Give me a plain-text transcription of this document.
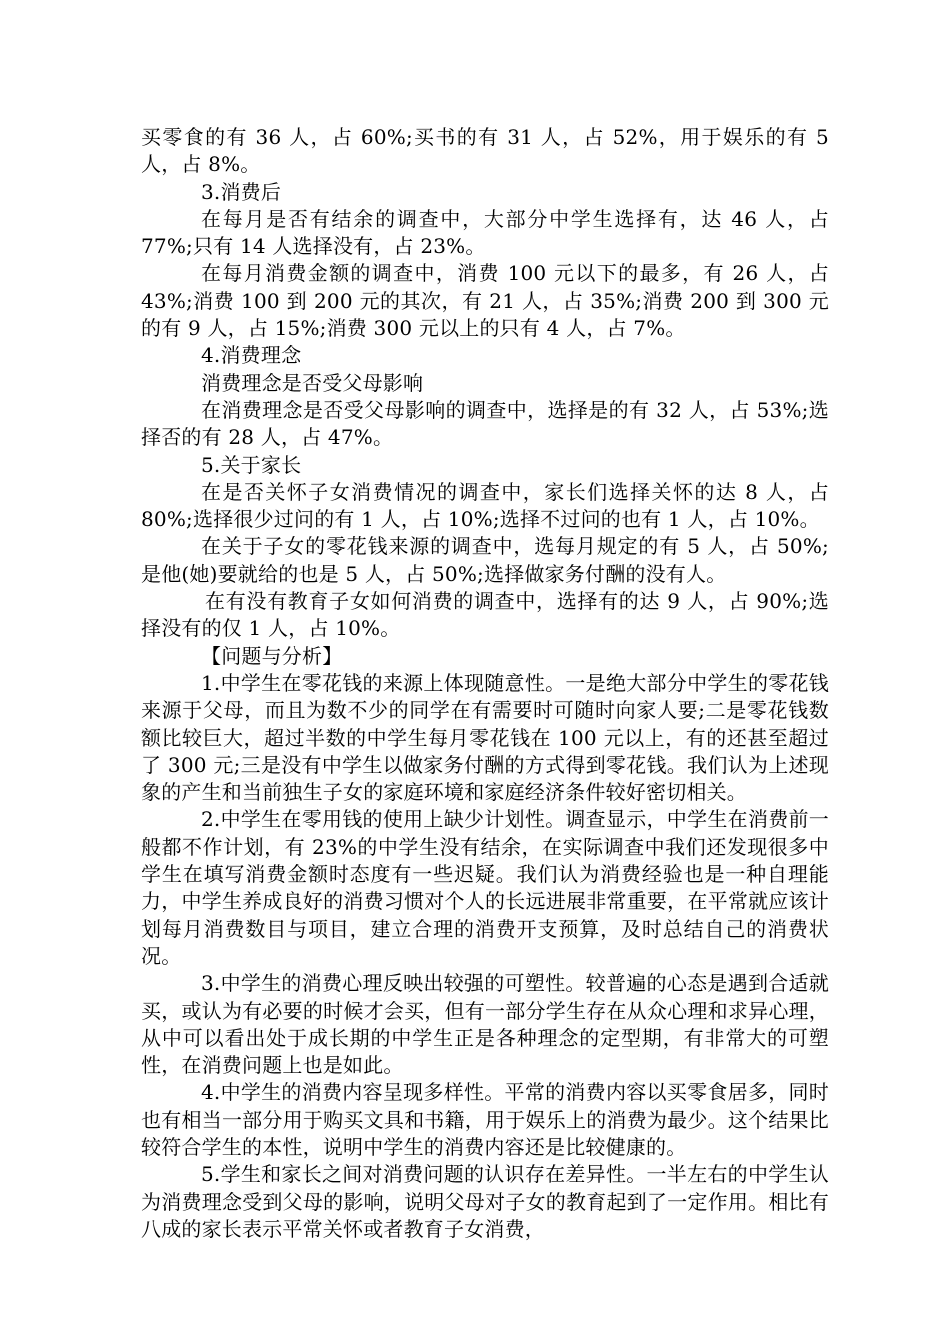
买零食的有 36 人，占 60%;买书的有 31 人，占 52%，用于娱乐的有 5 人，占 8%。

3.消费后

在每月是否有结余的调查中，大部分中学生选择有，达 46 人，占 77%;只有 14 人选择没有，占 23%。

在每月消费金额的调查中，消费 100 元以下的最多，有 26 人，占 43%;消费 100 到 200 元的其次，有 21 人，占 35%;消费 200 到 300 元的有 9 人，占 15%;消费 300 元以上的只有 4 人，占 7%。

4.消费理念

消费理念是否受父母影响

在消费理念是否受父母影响的调查中，选择是的有 32 人，占 53%;选择否的有 28 人，占 47%。

5.关于家长

在是否关怀子女消费情况的调查中，家长们选择关怀的达 8 人，占 80%;选择很少过问的有 1 人，占 10%;选择不过问的也有 1 人，占 10%。

在关于子女的零花钱来源的调查中，选每月规定的有 5 人，占 50%;是他(她)要就给的也是 5 人，占 50%;选择做家务付酬的没有人。

在有没有教育子女如何消费的调查中，选择有的达 9 人，占 90%;选择没有的仅 1 人，占 10%。

【问题与分析】

1.中学生在零花钱的来源上体现随意性。一是绝大部分中学生的零花钱来源于父母，而且为数不少的同学在有需要时可随时向家人要;二是零花钱数额比较巨大，超过半数的中学生每月零花钱在 100 元以上，有的还甚至超过了 300 元;三是没有中学生以做家务付酬的方式得到零花钱。我们认为上述现象的产生和当前独生子女的家庭环境和家庭经济条件较好密切相关。

2.中学生在零用钱的使用上缺少计划性。调查显示，中学生在消费前一般都不作计划，有 23%的中学生没有结余，在实际调查中我们还发现很多中学生在填写消费金额时态度有一些迟疑。我们认为消费经验也是一种自理能力，中学生养成良好的消费习惯对个人的长远进展非常重要，在平常就应该计划每月消费数目与项目，建立合理的消费开支预算，及时总结自己的消费状况。

3.中学生的消费心理反映出较强的可塑性。较普遍的心态是遇到合适就买，或认为有必要的时候才会买，但有一部分学生存在从众心理和求异心理，从中可以看出处于成长期的中学生正是各种理念的定型期，有非常大的可塑性，在消费问题上也是如此。

4.中学生的消费内容呈现多样性。平常的消费内容以买零食居多，同时也有相当一部分用于购买文具和书籍，用于娱乐上的消费为最少。这个结果比较符合学生的本性，说明中学生的消费内容还是比较健康的。

5.学生和家长之间对消费问题的认识存在差异性。一半左右的中学生认为消费理念受到父母的影响，说明父母对子女的教育起到了一定作用。相比有八成的家长表示平常关怀或者教育子女消费，
